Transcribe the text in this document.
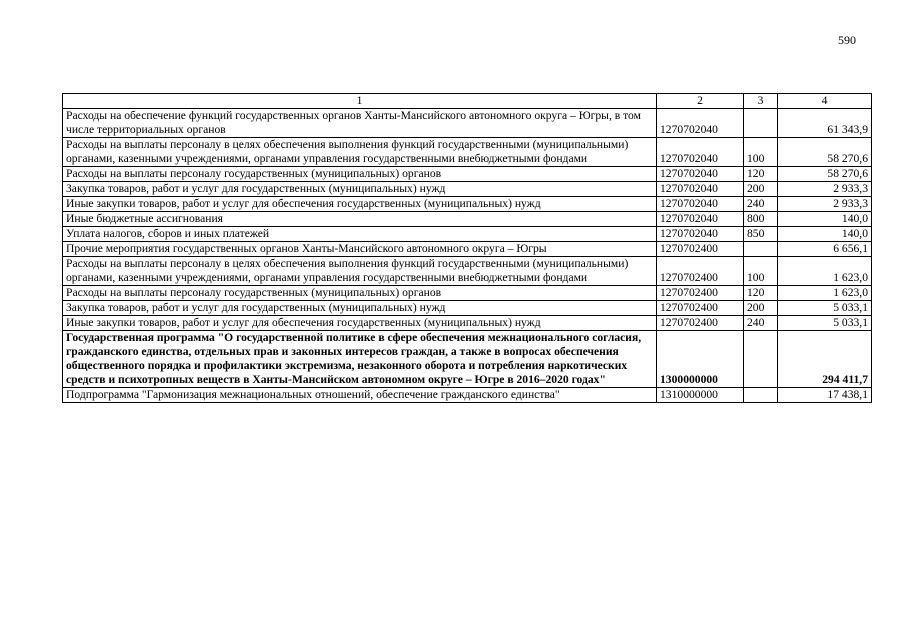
590
1	2	3	4
Расходы на обеспечение функций государственных органов Ханты-Мансийского автономного округа – Югры, в том числе территориальных органов	1270702040		61 343,9
Расходы на выплаты персоналу в целях обеспечения выполнения функций государственными (муниципальными) органами, казенными учреждениями, органами управления государственными внебюджетными фондами	1270702040	100	58 270,6
Расходы на выплаты персоналу государственных (муниципальных) органов	1270702040	120	58 270,6
Закупка товаров, работ и услуг для государственных (муниципальных) нужд	1270702040	200	2 933,3
Иные закупки товаров, работ и услуг для обеспечения государственных (муниципальных) нужд	1270702040	240	2 933,3
Иные бюджетные ассигнования	1270702040	800	140,0
Уплата налогов, сборов и иных платежей	1270702040	850	140,0
Прочие мероприятия государственных органов Ханты-Мансийского автономного округа – Югры	1270702400		6 656,1
Расходы на выплаты персоналу в целях обеспечения выполнения функций государственными (муниципальными) органами, казенными учреждениями, органами управления государственными внебюджетными фондами	1270702400	100	1 623,0
Расходы на выплаты персоналу государственных (муниципальных) органов	1270702400	120	1 623,0
Закупка товаров, работ и услуг для государственных (муниципальных) нужд	1270702400	200	5 033,1
Иные закупки товаров, работ и услуг для обеспечения государственных (муниципальных) нужд	1270702400	240	5 033,1
Государственная программа "О государственной политике в сфере обеспечения межнационального согласия, гражданского единства, отдельных прав и законных интересов граждан, а также в вопросах обеспечения общественного порядка и профилактики экстремизма, незаконного оборота и потребления наркотических средств и психотропных веществ в Ханты-Мансийском автономном округе – Югре в 2016–2020 годах"	1300000000		294 411,7
Подпрограмма "Гармонизация межнациональных отношений, обеспечение гражданского единства"	1310000000		17 438,1
